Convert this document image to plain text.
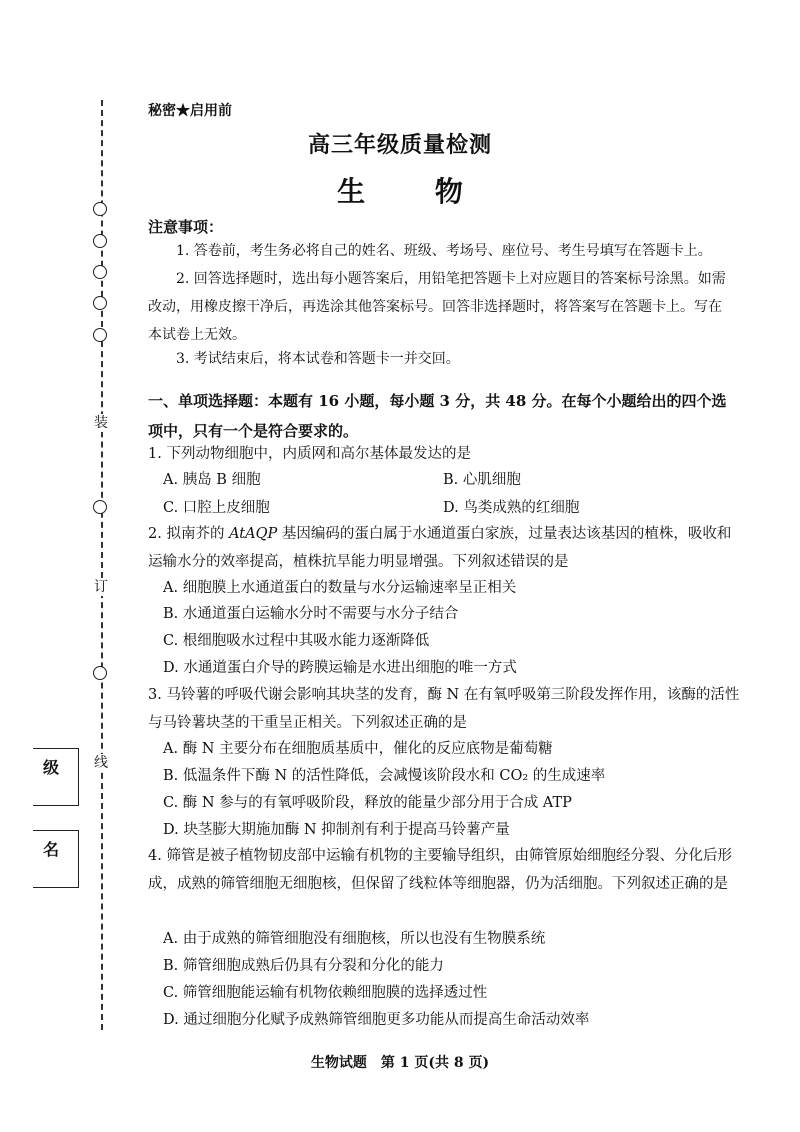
装
订
线
级
名
秘密★启用前
高三年级质量检测
生 物
注意事项：
1. 答卷前，考生务必将自己的姓名、班级、考场号、座位号、考生号填写在答题卡上。
2. 回答选择题时，选出每小题答案后，用铅笔把答题卡上对应题目的答案标号涂黑。如需改动，用橡皮擦干净后，再选涂其他答案标号。回答非选择题时，将答案写在答题卡上。写在本试卷上无效。
3. 考试结束后，将本试卷和答题卡一并交回。
一、单项选择题：本题有 16 小题，每小题 3 分，共 48 分。在每个小题给出的四个选项中，只有一个是符合要求的。
1. 下列动物细胞中，内质网和高尔基体最发达的是
A. 胰岛 B 细胞	B. 心肌细胞
C. 口腔上皮细胞	D. 鸟类成熟的红细胞
2. 拟南芥的 AtAQP 基因编码的蛋白属于水通道蛋白家族，过量表达该基因的植株，吸收和运输水分的效率提高，植株抗旱能力明显增强。下列叙述错误的是
A. 细胞膜上水通道蛋白的数量与水分运输速率呈正相关
B. 水通道蛋白运输水分时不需要与水分子结合
C. 根细胞吸水过程中其吸水能力逐渐降低
D. 水通道蛋白介导的跨膜运输是水进出细胞的唯一方式
3. 马铃薯的呼吸代谢会影响其块茎的发育，酶 N 在有氧呼吸第三阶段发挥作用，该酶的活性与马铃薯块茎的干重呈正相关。下列叙述正确的是
A. 酶 N 主要分布在细胞质基质中，催化的反应底物是葡萄糖
B. 低温条件下酶 N 的活性降低，会减慢该阶段水和 CO₂ 的生成速率
C. 酶 N 参与的有氧呼吸阶段，释放的能量少部分用于合成 ATP
D. 块茎膨大期施加酶 N 抑制剂有利于提高马铃薯产量
4. 筛管是被子植物韧皮部中运输有机物的主要输导组织，由筛管原始细胞经分裂、分化后形成，成熟的筛管细胞无细胞核，但保留了线粒体等细胞器，仍为活细胞。下列叙述正确的是
A. 由于成熟的筛管细胞没有细胞核，所以也没有生物膜系统
B. 筛管细胞成熟后仍具有分裂和分化的能力
C. 筛管细胞能运输有机物依赖细胞膜的选择透过性
D. 通过细胞分化赋予成熟筛管细胞更多功能从而提高生命活动效率
生物试题　第 1 页(共 8 页)
